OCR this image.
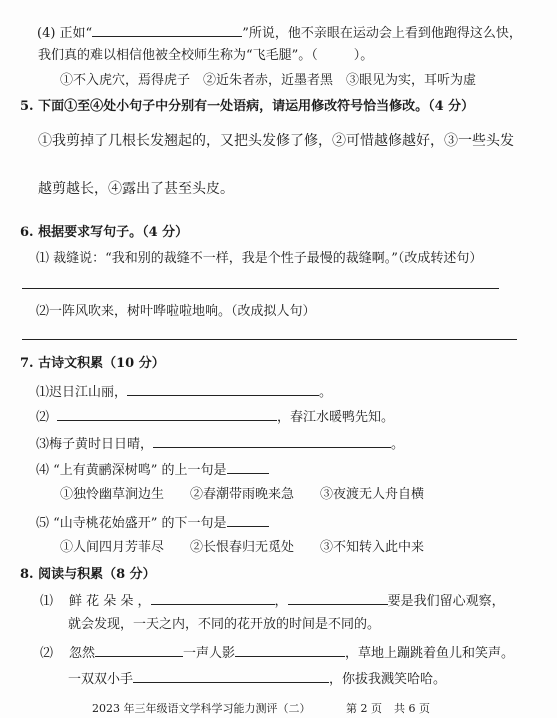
(4) 正如“	”所说，他不亲眼在运动会上看到他跑得这么快，
我们真的难以相信他被全校师生称为“飞毛腿”。（	）。
①不入虎穴，焉得虎子　②近朱者赤，近墨者黑　③眼见为实，耳听为虚
5. 下面①至④处小句子中分别有一处语病，请运用修改符号恰当修改。（4 分）
①我剪掉了几根长发翘起的，又把头发修了修，②可惜越修越好，③一些头发
越剪越长，④露出了甚至头皮。
6. 根据要求写句子。（4 分）
⑴ 裁缝说：“我和别的裁缝不一样，我是个性子最慢的裁缝啊。”（改成转述句）
⑵一阵风吹来，树叶哗啦啦地响。（改成拟人句）
7. 古诗文积累（10 分）
⑴迟日江山丽，	。
⑵	，春江水暖鸭先知。
⑶梅子黄时日日晴，	。
⑷ “上有黄鹂深树鸣” 的上一句是
①独怜幽草涧边生　　②春潮带雨晚来急　　③夜渡无人舟自横
⑸ “山寺桃花始盛开” 的下一句是
①人间四月芳菲尽　　②长恨春归无觅处　　③不知转入此中来
8. 阅读与积累（8 分）
⑴ 鲜 花 朵 朵 ，	，	要是我们留心观察，
就会发现，一天之内，不同的花开放的时间是不同的。
⑵ 忽然	一声人影	，草地上蹦跳着鱼儿和笑声。
一双双小手	，你拔我溅笑哈哈。
2023 年三年级语文学科学习能力测评（二）	第 2 页 共 6 页
